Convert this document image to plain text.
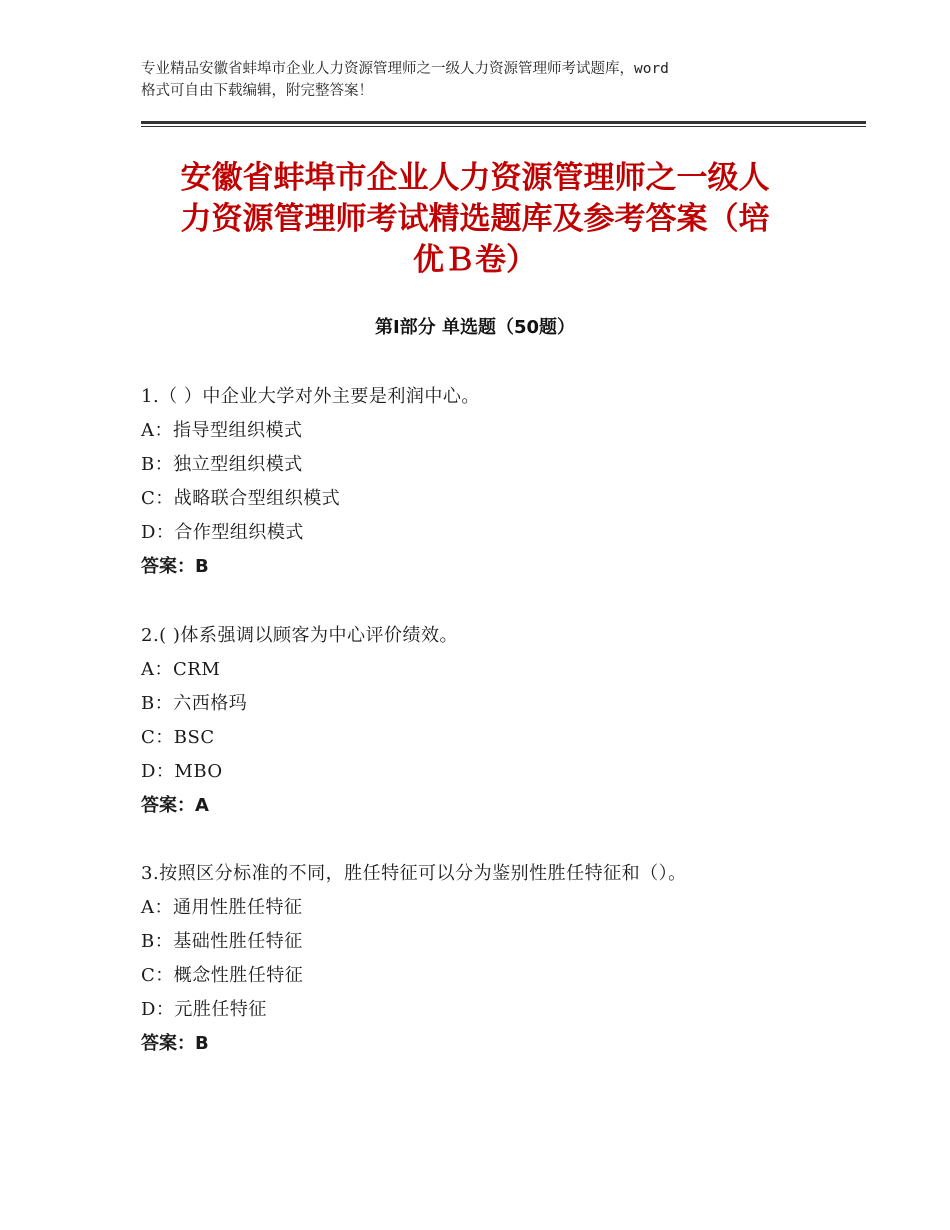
专业精品安徽省蚌埠市企业人力资源管理师之一级人力资源管理师考试题库，word
格式可自由下载编辑，附完整答案！
安徽省蚌埠市企业人力资源管理师之一级人
力资源管理师考试精选题库及参考答案（培
优Ｂ卷）
第Ⅰ部分 单选题（50题）
1.（ ）中企业大学对外主要是利润中心。
A：指导型组织模式
B：独立型组织模式
C：战略联合型组织模式
D：合作型组织模式
答案：B
2.( )体系强调以顾客为中心评价绩效。
A：CRM
B：六西格玛
C：BSC
D：MBO
答案：A
3.按照区分标准的不同，胜任特征可以分为鉴别性胜任特征和（）。
A：通用性胜任特征
B：基础性胜任特征
C：概念性胜任特征
D：元胜任特征
答案：B
